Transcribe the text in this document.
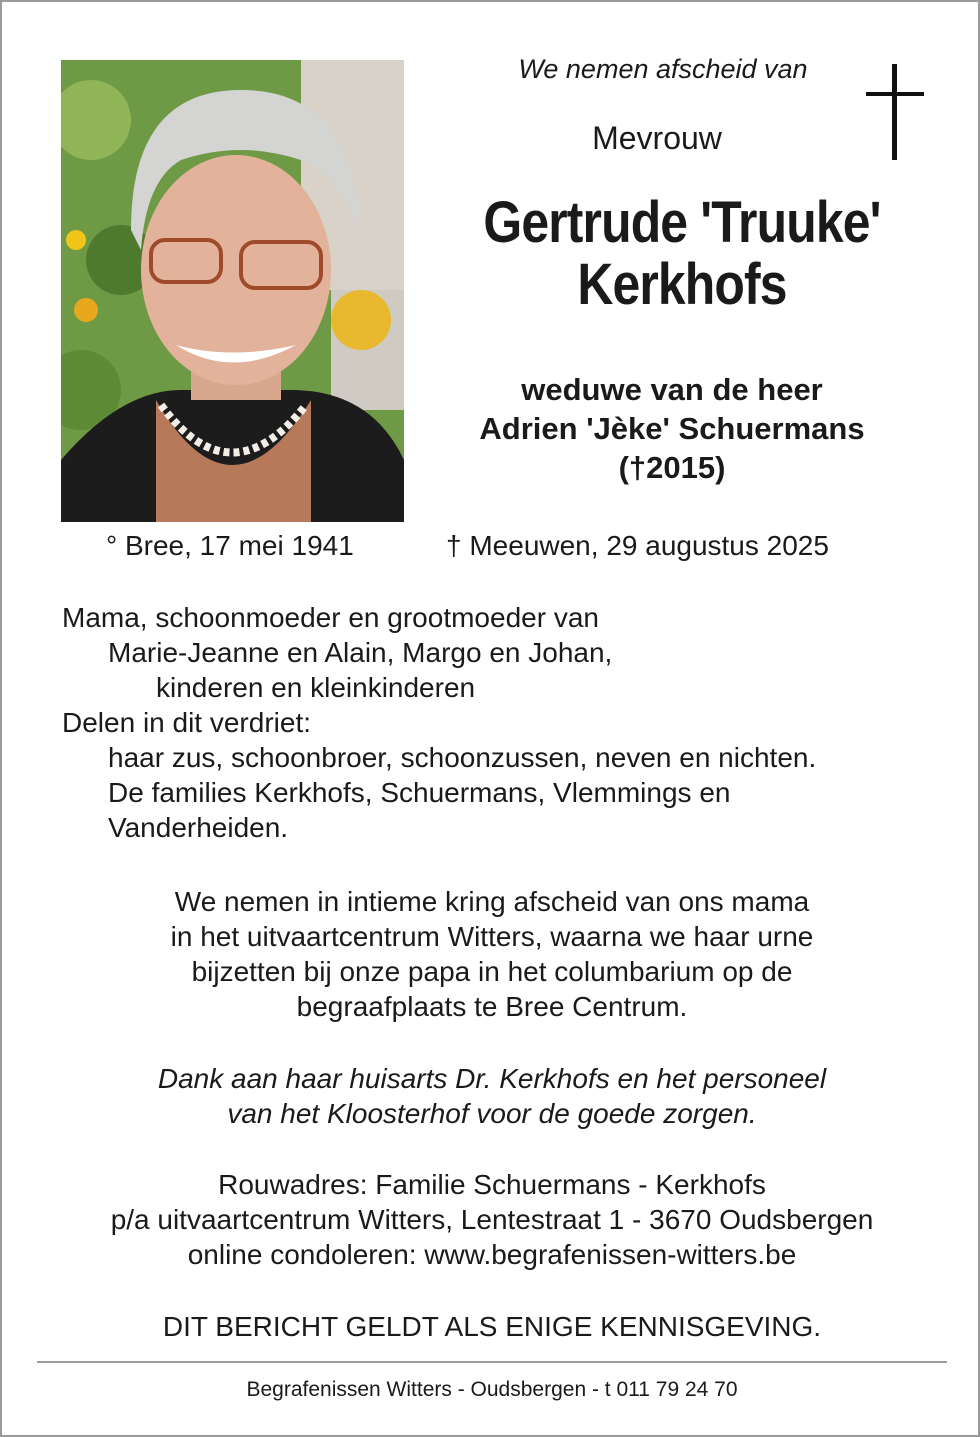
We nemen afscheid van
Mevrouw
Gertrude 'Truuke'
Kerkhofs
weduwe van de heer
Adrien 'Jèke' Schuermans
(†2015)
° Bree, 17 mei 1941	† Meeuwen, 29 augustus 2025
Mama, schoonmoeder en grootmoeder van
Marie-Jeanne en Alain, Margo en Johan,
kinderen en kleinkinderen
Delen in dit verdriet:
haar zus, schoonbroer, schoonzussen, neven en nichten.
De families Kerkhofs, Schuermans, Vlemmings en
Vanderheiden.
We nemen in intieme kring afscheid van ons mama
in het uitvaartcentrum Witters, waarna we haar urne
bijzetten bij onze papa in het columbarium op de
begraafplaats te Bree Centrum.
Dank aan haar huisarts Dr. Kerkhofs en het personeel
van het Kloosterhof voor de goede zorgen.
Rouwadres: Familie Schuermans - Kerkhofs
p/a uitvaartcentrum Witters, Lentestraat 1 - 3670 Oudsbergen
online condoleren: www.begrafenissen-witters.be
DIT BERICHT GELDT ALS ENIGE KENNISGEVING.
Begrafenissen Witters - Oudsbergen - t 011 79 24 70
